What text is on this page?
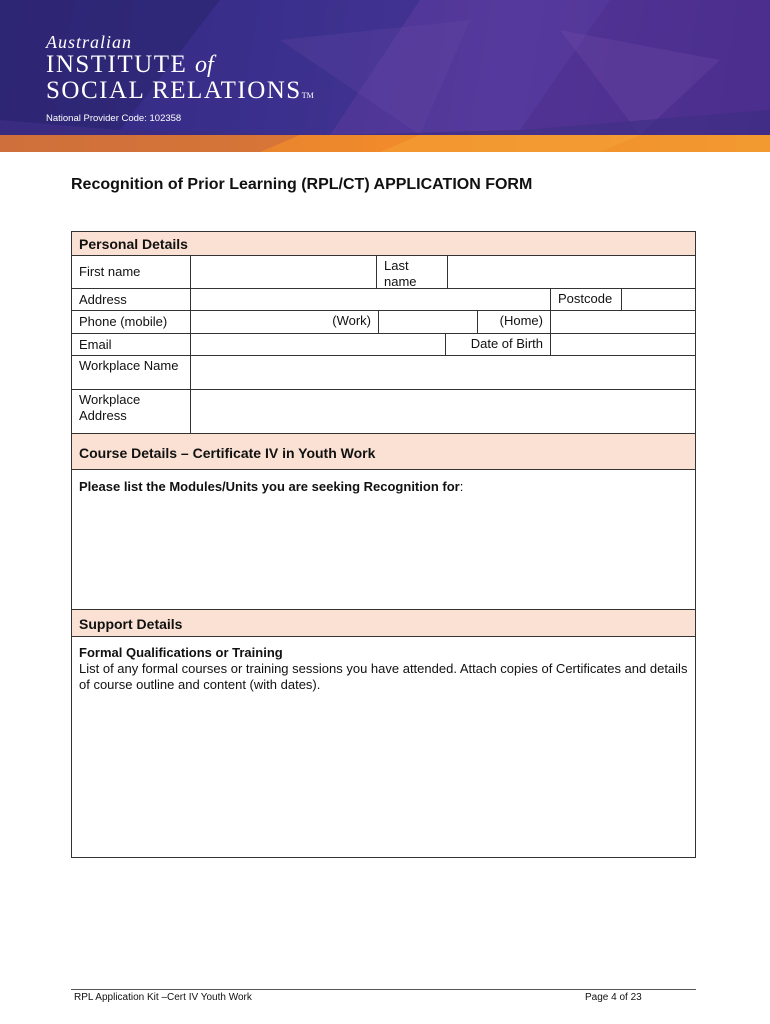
Australian
INSTITUTE of
SOCIAL RELATIONSTM
National Provider Code: 102358
Recognition of Prior Learning (RPL/CT) APPLICATION FORM
Personal Details
First name	Last name
Address	Postcode
Phone (mobile)	(Work)	(Home)
Email	Date of Birth
Workplace Name
Workplace Address
Course Details – Certificate IV in Youth Work
Please list the Modules/Units you are seeking Recognition for:
Support Details
Formal Qualifications or Training
List of any formal courses or training sessions you have attended. Attach copies of Certificates and details of course outline and content (with dates).
RPL Application Kit –Cert IV Youth Work	Page 4 of 23
